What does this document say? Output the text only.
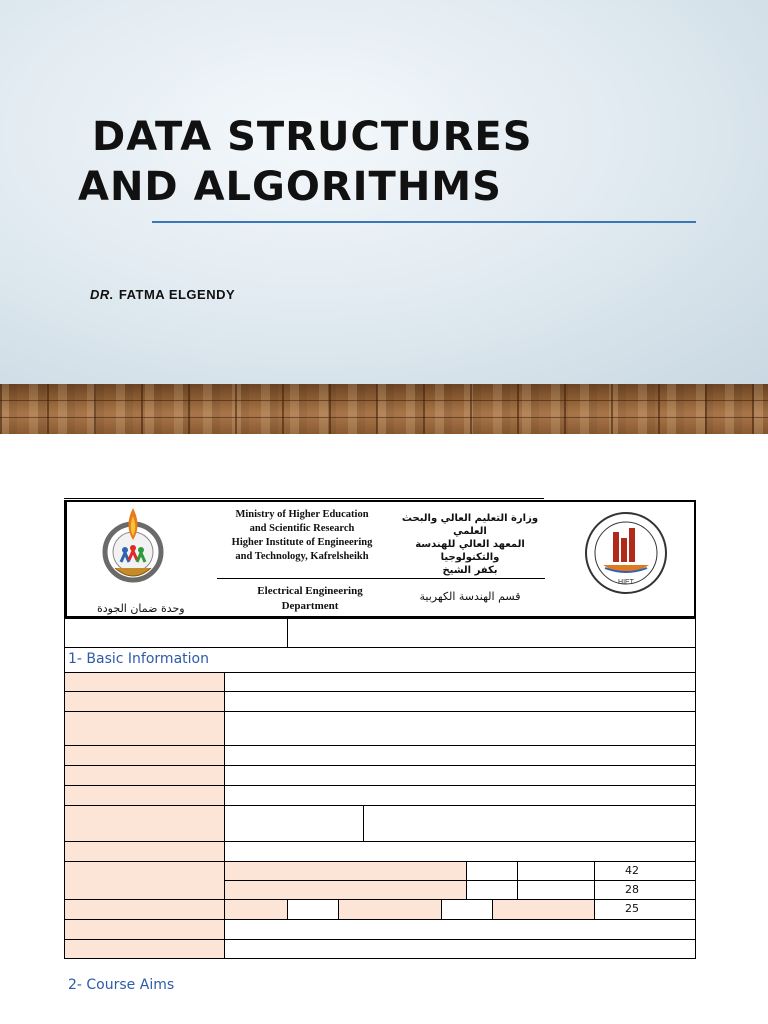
DATA STRUCTURES
AND ALGORITHMS
DR. FATMA ELGENDY
وحدة ضمان الجودة
Ministry of Higher Education
and Scientific Research
Higher Institute of Engineering
and Technology, Kafrelsheikh
وزارة التعليم العالي والبحث العلمي
المعهد العالي للهندسة والتكنولوجيا
بكفر الشيخ
Electrical Engineering
Department
قسم الهندسة الكهربية
HIET
1- Basic Information
42
28
25
2- Course Aims
